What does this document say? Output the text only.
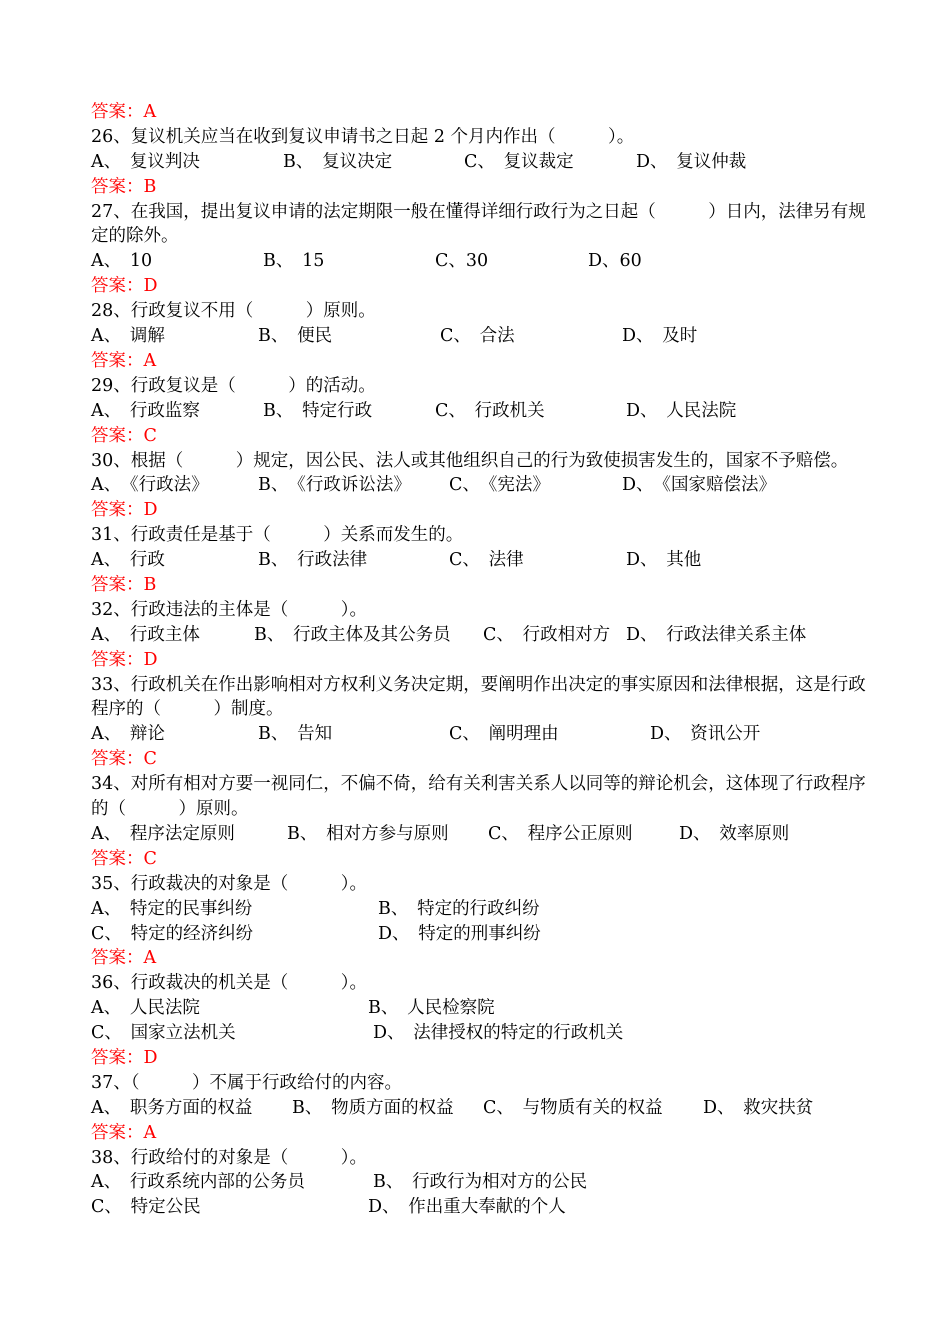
答案：A
26、复议机关应当在收到复议申请书之日起 2 个月内作出（　　　）。
A、　复议判决	B、　复议决定	C、　复议裁定	D、　复议仲裁
答案：B
27、在我国，提出复议申请的法定期限一般在懂得详细行政行为之日起（　　　）日内，法律另有规定的除外。
A、　10	B、　15	C、30	D、60
答案：D
28、行政复议不用（　　　）原则。
A、　调解	B、　便民	C、　合法	D、　及时
答案：A
29、行政复议是（　　　）的活动。
A、　行政监察	B、　特定行政	C、　行政机关	D、　人民法院
答案：C
30、根据（　　　）规定，因公民、法人或其他组织自己的行为致使损害发生的，国家不予赔偿。
A、　《行政法》	B、　《行政诉讼法》 C、　《宪法》	D、　《国家赔偿法》
答案：D
31、行政责任是基于（　　　）关系而发生的。
A、　行政	B、　行政法律	C、　法律	D、　其他
答案：B
32、行政违法的主体是（　　　）。
A、　行政主体	B、　行政主体及其公务员 C、　行政相对方 D、　行政法律关系主体
答案：D
33、行政机关在作出影响相对方权利义务决定期，要阐明作出决定的事实原因和法律根据，这是行政程序的（　　　）制度。
A、　辩论	B、　告知	C、　阐明理由	D、　资讯公开
答案：C
34、对所有相对方要一视同仁，不偏不倚，给有关利害关系人以同等的辩论机会，这体现了行政程序的（　　　）原则。
A、　程序法定原则	B、　相对方参与原则 C、　程序公正原则	D、　效率原则
答案：C
35、行政裁决的对象是（　　　）。
A、　特定的民事纠纷	B、　特定的行政纠纷
C、　特定的经济纠纷	D、　特定的刑事纠纷
答案：A
36、行政裁决的机关是（　　　）。
A、　人民法院	B、　人民检察院
C、　国家立法机关	D、　法律授权的特定的行政机关
答案：D
37、（　　　）不属于行政给付的内容。
A、　职务方面的权益 B、　物质方面的权益 C、　与物质有关的权益 D、　救灾扶贫
答案：A
38、行政给付的对象是（　　　）。
A、　行政系统内部的公务员	B、　行政行为相对方的公民
C、　特定公民	D、　作出重大奉献的个人
